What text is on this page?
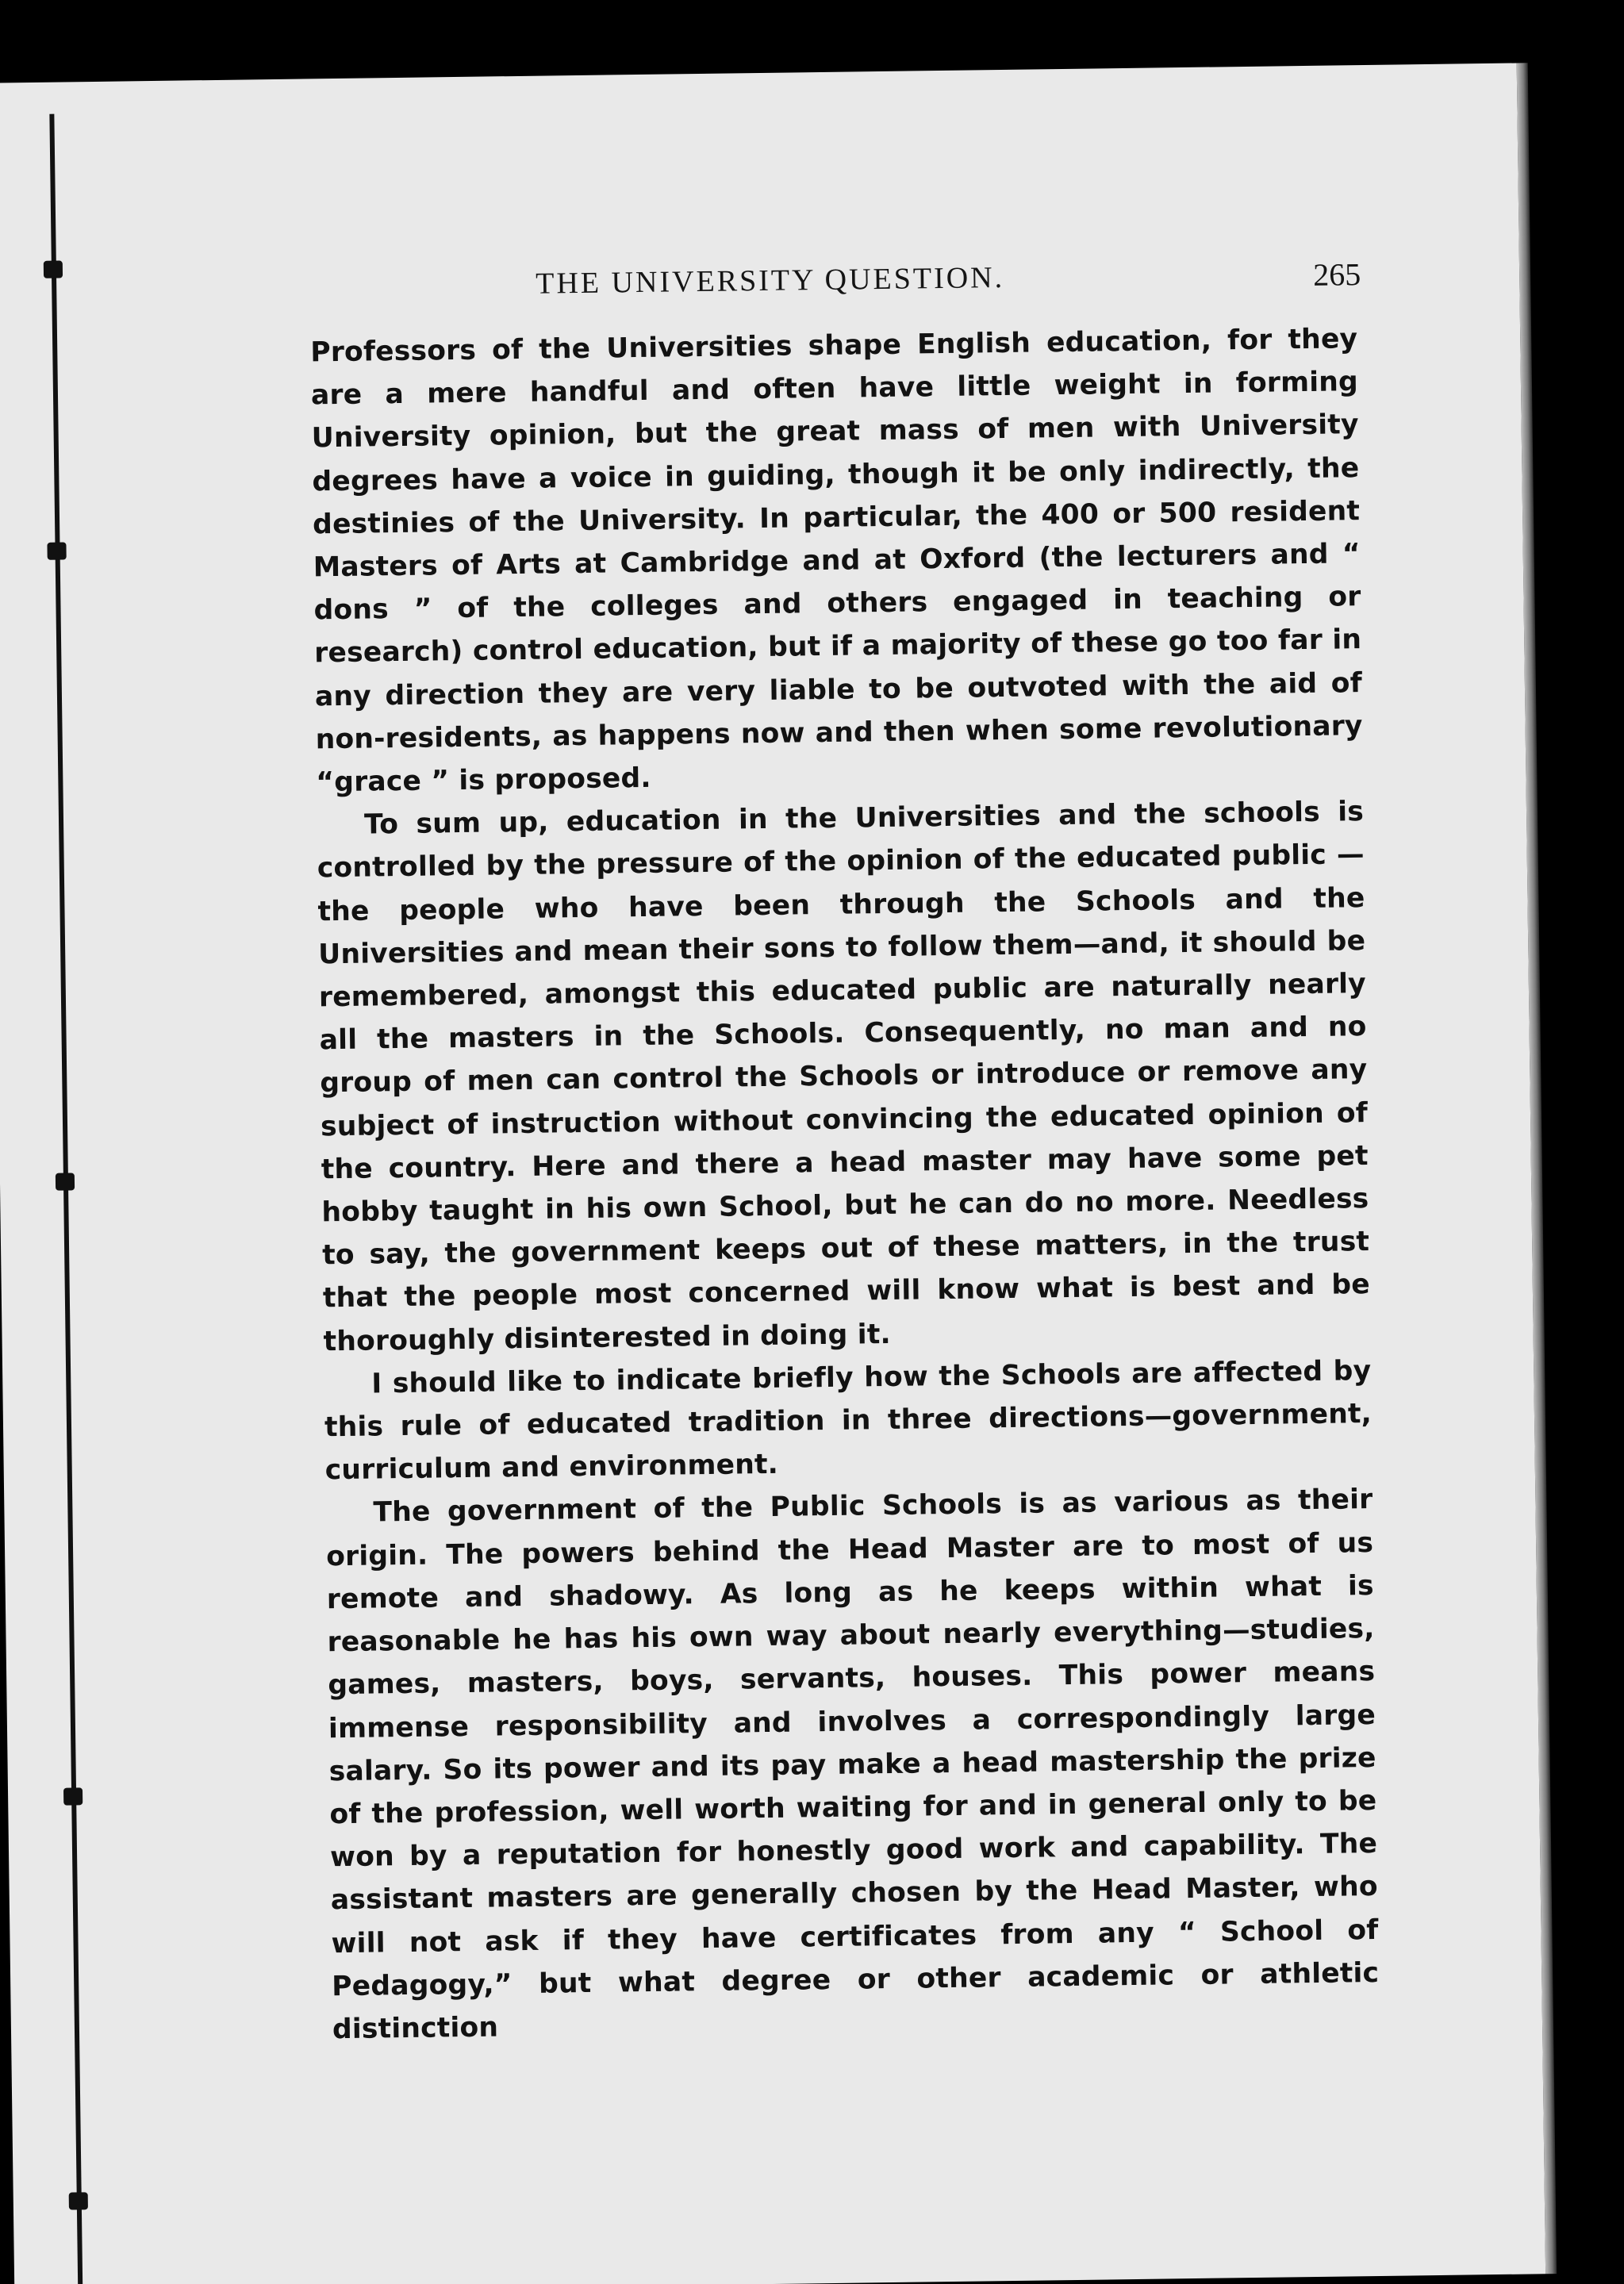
THE UNIVERSITY QUESTION.	265

Professors of the Universities shape English education, for they are a mere handful and often have little weight in forming University opinion, but the great mass of men with University degrees have a voice in guiding, though it be only indirectly, the destinies of the University. In particular, the 400 or 500 resident Masters of Arts at Cambridge and at Oxford (the lecturers and “ dons ” of the colleges and others engaged in teaching or research) control education, but if a majority of these go too far in any direction they are very liable to be outvoted with the aid of non-residents, as happens now and then when some revolutionary “grace ” is proposed.

To sum up, education in the Universities and the schools is controlled by the pressure of the opinion of the educated public —the people who have been through the Schools and the Universities and mean their sons to follow them—and, it should be remembered, amongst this educated public are naturally nearly all the masters in the Schools. Consequently, no man and no group of men can control the Schools or introduce or remove any subject of instruction without convincing the educated opinion of the country. Here and there a head master may have some pet hobby taught in his own School, but he can do no more. Needless to say, the government keeps out of these matters, in the trust that the people most concerned will know what is best and be thoroughly disinterested in doing it.

I should like to indicate briefly how the Schools are affected by this rule of educated tradition in three directions—government, curriculum and environment.

The government of the Public Schools is as various as their origin. The powers behind the Head Master are to most of us remote and shadowy. As long as he keeps within what is reasonable he has his own way about nearly everything—studies, games, masters, boys, servants, houses. This power means immense responsibility and involves a correspondingly large salary. So its power and its pay make a head mastership the prize of the profession, well worth waiting for and in general only to be won by a reputation for honestly good work and capability. The assistant masters are generally chosen by the Head Master, who will not ask if they have certificates from any “ School of Pedagogy,” but what degree or other academic or athletic distinction
